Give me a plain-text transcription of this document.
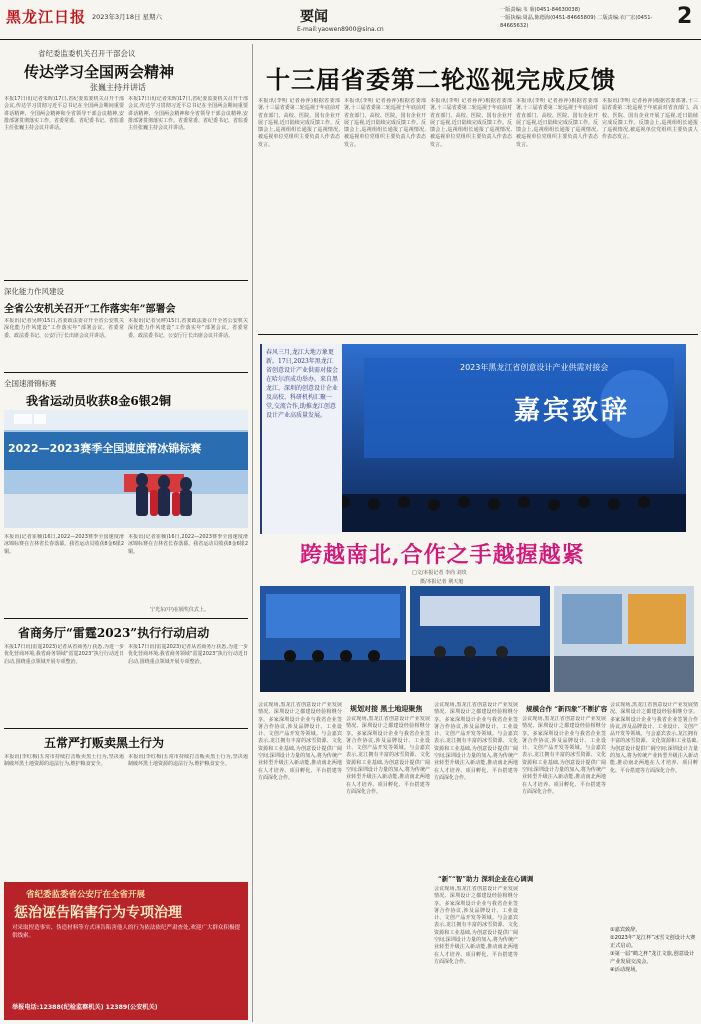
黑龙江日报 2023年3月18日 星期六	要闻
E-mail:yaowen8900@sina.cn
一版责编:韦 菊(0451-84630038)
一版执编:周晶,陈德海(0451-84665809) 二版责编:衣广宏(0451-84665632)	2
省纪委监委机关召开干部会议
传达学习全国两会精神
张巍主持并讲话
本报17日讯(记者朱晖)17日,省纪委监委机关召开干部会议,传达学习贯彻习近平总书记在全国两会期间重要讲话精神、全国两会精神和全省领导干部会议精神,安排部署贯彻落实工作。省委常委、省纪委书记、省监委主任张巍主持会议并讲话。
本报17日讯(记者朱晖)17日,省纪委监委机关召开干部会议,传达学习贯彻习近平总书记在全国两会期间重要讲话精神、全国两会精神和全省领导干部会议精神,安排部署贯彻落实工作。省委常委、省纪委书记、省监委主任张巍主持会议并讲话。
深化能力作风建设
全省公安机关召开“工作落实年”部署会
本报讯(记者吴晔)15日,省委政法委召开全省公安机关深化能力作风建设“工作落实年”部署会议。省委常委、政法委书记、公安厅厅长出席会议并讲话。
本报讯(记者吴晔)15日,省委政法委召开全省公安机关深化能力作风建设“工作落实年”部署会议。省委常委、政法委书记、公安厅厅长出席会议并讲话。
全国速滑锦标赛
我省运动员收获8金6银2铜
2022—2023赛季全国速度滑冰锦标赛
本报讯(记者崔楠)16日,2022—2023赛季全国速度滑冰锦标赛在吉林省长春落幕。我省运动员收获8金6银2铜。
本报讯(记者崔楠)16日,2022—2023赛季全国速度滑冰锦标赛在吉林省长春落幕。我省运动员收获8金6银2铜。
宁光东(中)在颁奖仪式上。
省商务厅“雷霆2023”执行行动启动
本报17日讯(雷霆2023)记者从省商务厅获悉,为进一步优化营商环境,我省商务领域“雷霆2023”执行行动近日启动,围绕重点领域开展专项整治。
本报17日讯(雷霆2023)记者从省商务厅获悉,为进一步优化营商环境,我省商务领域“雷霆2023”执行行动近日启动,围绕重点领域开展专项整治。
五常严打贩卖黑土行为
本报讯(李红梅)五常市持续打击贩卖黑土行为,坚决遏制破坏黑土地资源的违法行为,维护粮食安全。
本报讯(李红梅)五常市持续打击贩卖黑土行为,坚决遏制破坏黑土地资源的违法行为,维护粮食安全。
省纪委监委省公安厅在全省开展
惩治诬告陷害行为专项治理
对采取捏造事实、伪造材料等方式诬告陷害他人的行为依法依纪严肃查处,欢迎广大群众积极提供线索。
举报电话:12388(纪检监察机关) 12389(公安机关)
十三届省委第二轮巡视完成反馈
本报讯(李明 记者孙萍)根据省委部署,十三届省委第二轮巡视于年底前对省直部门、高校、医院、国有企业开展了巡视,近日陆续完成反馈工作。反馈会上,巡视组组长通报了巡视情况,被巡视单位党组织主要负责人作表态发言。
本报讯(李明 记者孙萍)根据省委部署,十三届省委第二轮巡视于年底前对省直部门、高校、医院、国有企业开展了巡视,近日陆续完成反馈工作。反馈会上,巡视组组长通报了巡视情况,被巡视单位党组织主要负责人作表态发言。
本报讯(李明 记者孙萍)根据省委部署,十三届省委第二轮巡视于年底前对省直部门、高校、医院、国有企业开展了巡视,近日陆续完成反馈工作。反馈会上,巡视组组长通报了巡视情况,被巡视单位党组织主要负责人作表态发言。
本报讯(李明 记者孙萍)根据省委部署,十三届省委第二轮巡视于年底前对省直部门、高校、医院、国有企业开展了巡视,近日陆续完成反馈工作。反馈会上,巡视组组长通报了巡视情况,被巡视单位党组织主要负责人作表态发言。
本报讯(李明 记者孙萍)根据省委部署,十三届省委第二轮巡视于年底前对省直部门、高校、医院、国有企业开展了巡视,近日陆续完成反馈工作。反馈会上,巡视组组长通报了巡视情况,被巡视单位党组织主要负责人作表态发言。
2023年黑龙江省创意设计产业供需对接会
嘉宾致辞
春风三月,龙江大地万象更新。17日,2023年黑龙江省创意设计产业供需对接会在哈尔滨成功举办。来自黑龙江、深圳的创意设计企业及高校、科研机构汇聚一堂,交流合作,助推龙江创意设计产业高质量发展。
跨越南北,合作之手越握越紧
□文/本报记者 李尚 刘玖
摄/本报记者 荆天旭
会议现场,黑龙江省创意设计产业发展情况、深圳设计之都建设经验相继分享。多家深圳设计企业与我省企业签署合作协议,涉及品牌设计、工业设计、文创产品开发等领域。与会嘉宾表示,龙江拥有丰富的冰雪资源、文化资源和工业基础,为创意设计提供广阔空间;深圳设计力量的加入,将为传统产业转型升级注入新动能,推动南北两地在人才培养、项目孵化、平台搭建等方面深化合作。
规划对接 黑土地迎聚焦
会议现场,黑龙江省创意设计产业发展情况、深圳设计之都建设经验相继分享。多家深圳设计企业与我省企业签署合作协议,涉及品牌设计、工业设计、文创产品开发等领域。与会嘉宾表示,龙江拥有丰富的冰雪资源、文化资源和工业基础,为创意设计提供广阔空间;深圳设计力量的加入,将为传统产业转型升级注入新动能,推动南北两地在人才培养、项目孵化、平台搭建等方面深化合作。
会议现场,黑龙江省创意设计产业发展情况、深圳设计之都建设经验相继分享。多家深圳设计企业与我省企业签署合作协议,涉及品牌设计、工业设计、文创产品开发等领域。与会嘉宾表示,龙江拥有丰富的冰雪资源、文化资源和工业基础,为创意设计提供广阔空间;深圳设计力量的加入,将为传统产业转型升级注入新动能,推动南北两地在人才培养、项目孵化、平台搭建等方面深化合作。
“新”“智”助力 深圳企业在心调调
会议现场,黑龙江省创意设计产业发展情况、深圳设计之都建设经验相继分享。多家深圳设计企业与我省企业签署合作协议,涉及品牌设计、工业设计、文创产品开发等领域。与会嘉宾表示,龙江拥有丰富的冰雪资源、文化资源和工业基础,为创意设计提供广阔空间;深圳设计力量的加入,将为传统产业转型升级注入新动能,推动南北两地在人才培养、项目孵化、平台搭建等方面深化合作。
规模合作 “新四象”不断扩容
会议现场,黑龙江省创意设计产业发展情况、深圳设计之都建设经验相继分享。多家深圳设计企业与我省企业签署合作协议,涉及品牌设计、工业设计、文创产品开发等领域。与会嘉宾表示,龙江拥有丰富的冰雪资源、文化资源和工业基础,为创意设计提供广阔空间;深圳设计力量的加入,将为传统产业转型升级注入新动能,推动南北两地在人才培养、项目孵化、平台搭建等方面深化合作。
会议现场,黑龙江省创意设计产业发展情况、深圳设计之都建设经验相继分享。多家深圳设计企业与我省企业签署合作协议,涉及品牌设计、工业设计、文创产品开发等领域。与会嘉宾表示,龙江拥有丰富的冰雪资源、文化资源和工业基础,为创意设计提供广阔空间;深圳设计力量的加入,将为传统产业转型升级注入新动能,推动南北两地在人才培养、项目孵化、平台搭建等方面深化合作。
①嘉宾致辞。
②2023年“龙江杯”冰雪文创设计大赛正式启动。
③第一届“鹤之杯”龙江文旅,创意设计产业发展交流会。
④活动现场。
